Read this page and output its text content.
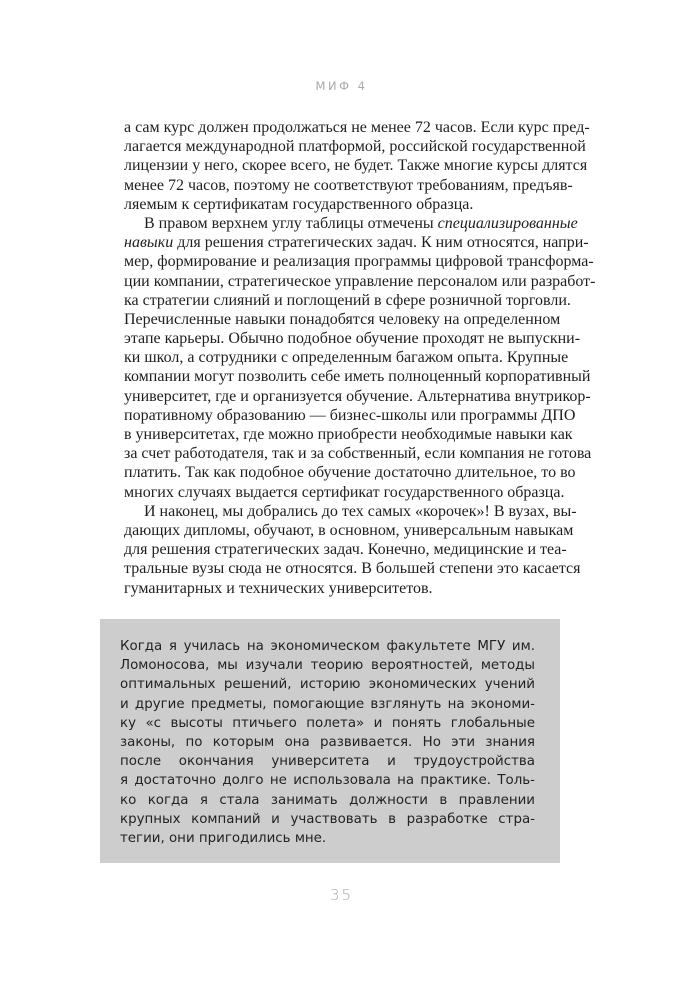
МИФ 4
а сам курс должен продолжаться не менее 72 часов. Если курс пред-
лагается международной платформой, российской государственной
лицензии у него, скорее всего, не будет. Также многие курсы длятся
менее 72 часов, поэтому не соответствуют требованиям, предъяв-
ляемым к сертификатам государственного образца.
В правом верхнем углу таблицы отмечены специализированные
навыки для решения стратегических задач. К ним относятся, напри-
мер, формирование и реализация программы цифровой трансформа-
ции компании, стратегическое управление персоналом или разработ-
ка стратегии слияний и поглощений в сфере розничной торговли.
Перечисленные навыки понадобятся человеку на определенном
этапе карьеры. Обычно подобное обучение проходят не выпускни-
ки школ, а сотрудники с определенным багажом опыта. Крупные
компании могут позволить себе иметь полноценный корпоративный
университет, где и организуется обучение. Альтернатива внутрикор-
поративному образованию — бизнес-школы или программы ДПО
в университетах, где можно приобрести необходимые навыки как
за счет работодателя, так и за собственный, если компания не готова
платить. Так как подобное обучение достаточно длительное, то во
многих случаях выдается сертификат государственного образца.
И наконец, мы добрались до тех самых «корочек»! В вузах, вы-
дающих дипломы, обучают, в основном, универсальным навыкам
для решения стратегических задач. Конечно, медицинские и теа-
тральные вузы сюда не относятся. В большей степени это касается
гуманитарных и технических университетов.
Когда я училась на экономическом факультете МГУ им.
Ломоносова, мы изучали теорию вероятностей, методы
оптимальных решений, историю экономических учений
и другие предметы, помогающие взглянуть на экономи-
ку «с высоты птичьего полета» и понять глобальные
законы, по которым она развивается. Но эти знания
после окончания университета и трудоустройства
я достаточно долго не использовала на практике. Толь-
ко когда я стала занимать должности в правлении
крупных компаний и участвовать в разработке стра-
тегии, они пригодились мне.
35
